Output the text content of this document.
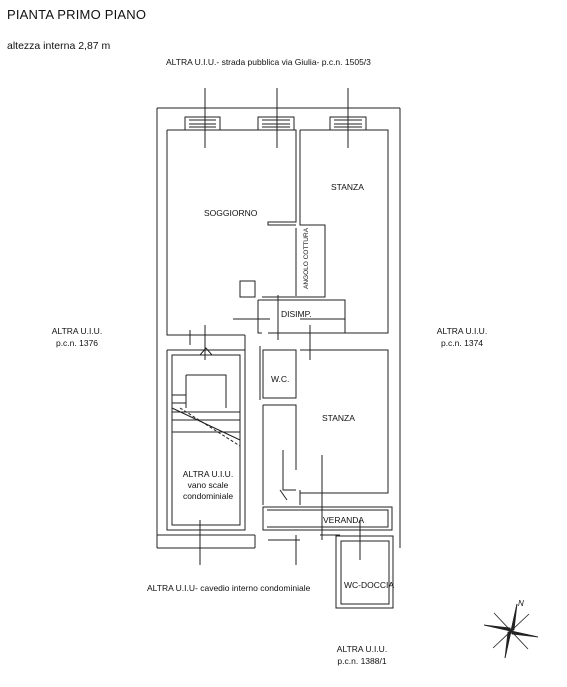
PIANTA PRIMO PIANO
altezza interna 2,87 m
ALTRA U.I.U.- strada pubblica via Giulia- p.c.n. 1505/3
ALTRA U.I.U.
p.c.n. 1376
ALTRA U.I.U.
p.c.n. 1374
ALTRA U.I.U- cavedio interno condominiale
ALTRA U.I.U.
p.c.n. 1388/1
SOGGIORNO
STANZA
ANGOLO COTTURA
DISIMP.
W.C.
STANZA
VERANDA
WC-DOCCIA
ALTRA U.I.U.
vano scale
condominiale
N
